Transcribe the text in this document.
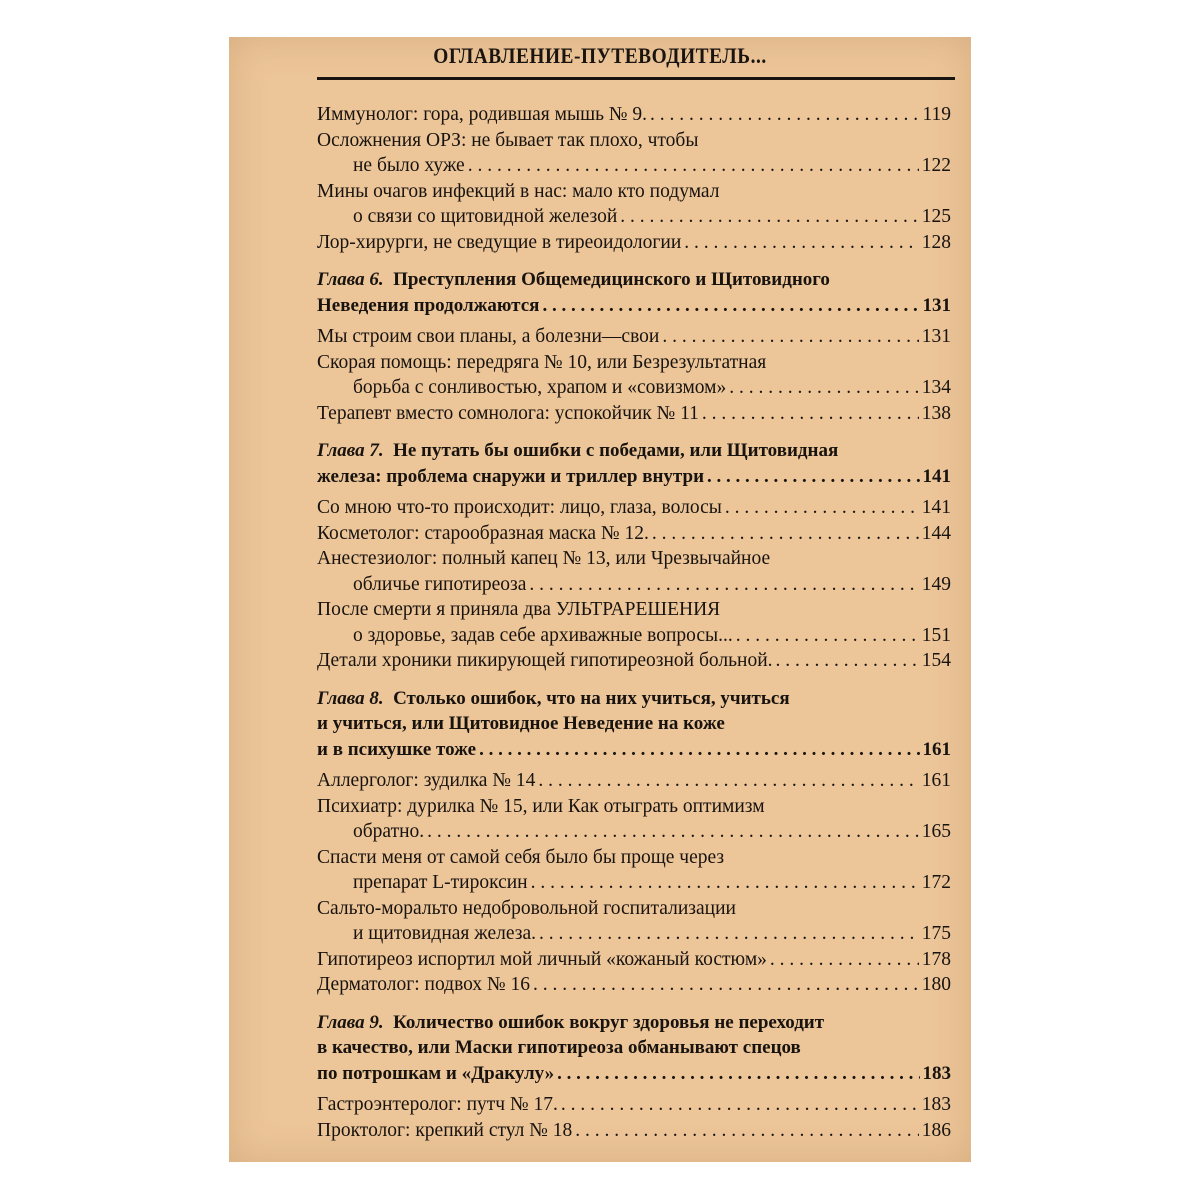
ОГЛАВЛЕНИЕ-ПУТЕВОДИТЕЛЬ...
Иммунолог: гора, родившая мышь № 9. . . .	119
Осложнения ОРЗ: не бывает так плохо, чтобы
не было хуже . . .	122
Мины очагов инфекций в нас: мало кто подумал
о связи со щитовидной железой . . .	125
Лор-хирурги, не сведущие в тиреоидологии . . .	128
Глава 6. Преступления Общемедицинского и Щитовидного
Неведения продолжаются . . .	131
Мы строим свои планы, а болезни—свои . . .	131
Скорая помощь: передряга № 10, или Безрезультатная
борьба с сонливостью, храпом и «совизмом» . . .	134
Терапевт вместо сомнолога: успокойчик № 11 . . .	138
Глава 7. Не путать бы ошибки с победами, или Щитовидная
железа: проблема снаружи и триллер внутри . . .	141
Со мною что-то происходит: лицо, глаза, волосы . . .	141
Косметолог: старообразная маска № 12. . . .	144
Анестезиолог: полный капец № 13, или Чрезвычайное
обличье гипотиреоза . . .	149
После смерти я приняла два УЛЬТРАРЕШЕНИЯ
о здоровье, задав себе архиважные вопросы... . . .	151
Детали хроники пикирующей гипотиреозной больной. . . .	154
Глава 8. Столько ошибок, что на них учиться, учиться
и учиться, или Щитовидное Неведение на коже
и в психушке тоже . . .	161
Аллерголог: зудилка № 14 . . .	161
Психиатр: дурилка № 15, или Как отыграть оптимизм
обратно. . . .	165
Спасти меня от самой себя было бы проще через
препарат L-тироксин . . .	172
Сальто-моральто недобровольной госпитализации
и щитовидная железа. . . .	175
Гипотиреоз испортил мой личный «кожаный костюм» . . .	178
Дерматолог: подвох № 16 . . .	180
Глава 9. Количество ошибок вокруг здоровья не переходит
в качество, или Маски гипотиреоза обманывают спецов
по потрошкам и «Дракулу» . . .	183
Гастроэнтеролог: путч № 17. . . .	183
Проктолог: крепкий стул № 18 . . .	186
